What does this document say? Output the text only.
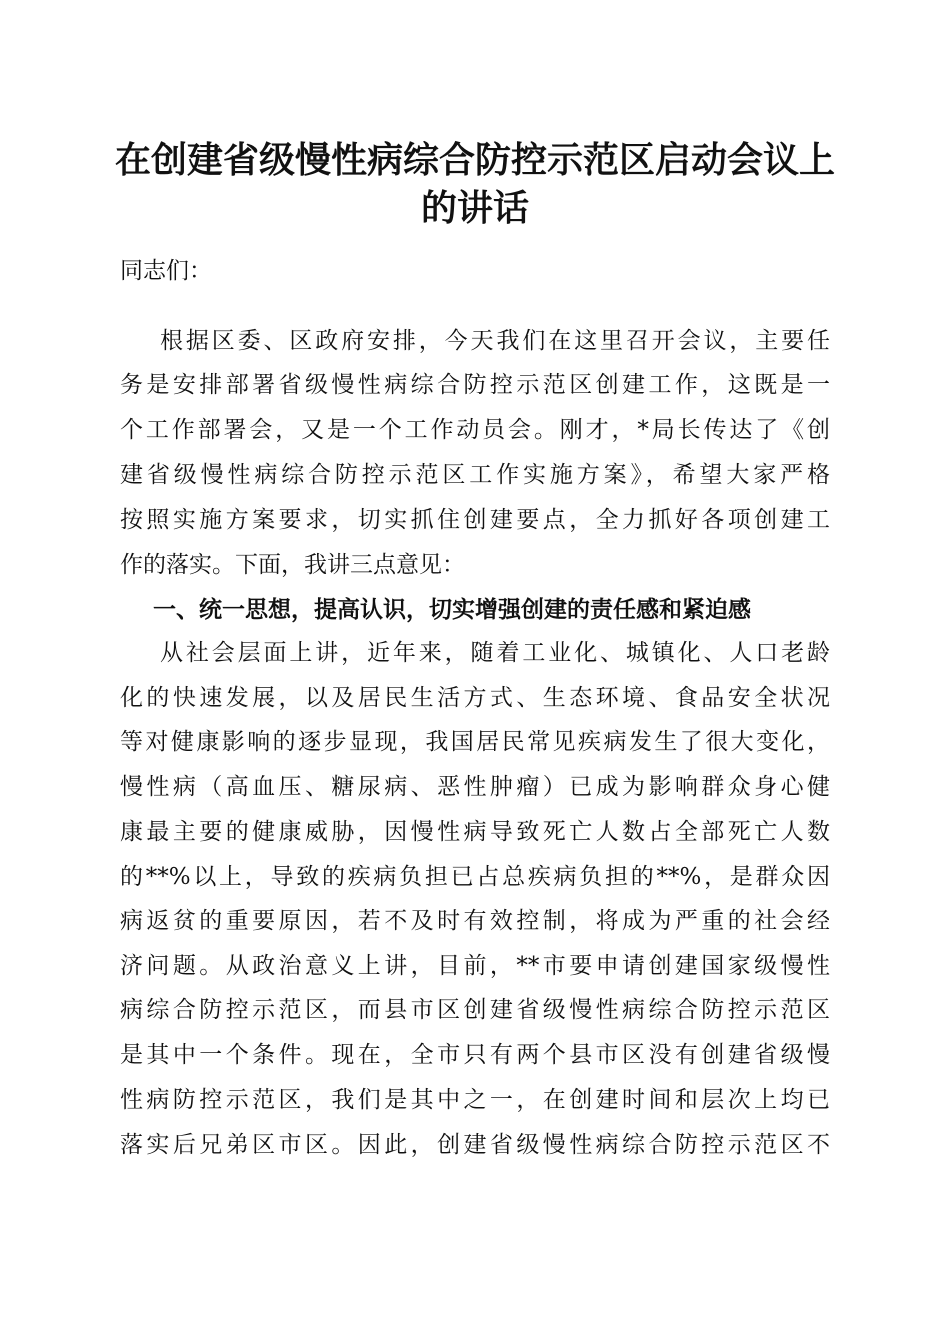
在创建省级慢性病综合防控示范区启动会议上
的讲话
同志们：
根据区委、区政府安排，今天我们在这里召开会议，主要任
务是安排部署省级慢性病综合防控示范区创建工作，这既是一
个工作部署会，又是一个工作动员会。刚才，*局长传达了《创
建省级慢性病综合防控示范区工作实施方案》，希望大家严格
按照实施方案要求，切实抓住创建要点，全力抓好各项创建工
作的落实。下面，我讲三点意见：
一、统一思想，提高认识，切实增强创建的责任感和紧迫感
从社会层面上讲，近年来，随着工业化、城镇化、人口老龄
化的快速发展，以及居民生活方式、生态环境、食品安全状况
等对健康影响的逐步显现，我国居民常见疾病发生了很大变化，
慢性病（高血压、糖尿病、恶性肿瘤）已成为影响群众身心健
康最主要的健康威胁，因慢性病导致死亡人数占全部死亡人数
的**%以上，导致的疾病负担已占总疾病负担的**%，是群众因
病返贫的重要原因，若不及时有效控制，将成为严重的社会经
济问题。从政治意义上讲，目前，**市要申请创建国家级慢性
病综合防控示范区，而县市区创建省级慢性病综合防控示范区
是其中一个条件。现在，全市只有两个县市区没有创建省级慢
性病防控示范区，我们是其中之一，在创建时间和层次上均已
落实后兄弟区市区。因此，创建省级慢性病综合防控示范区不
